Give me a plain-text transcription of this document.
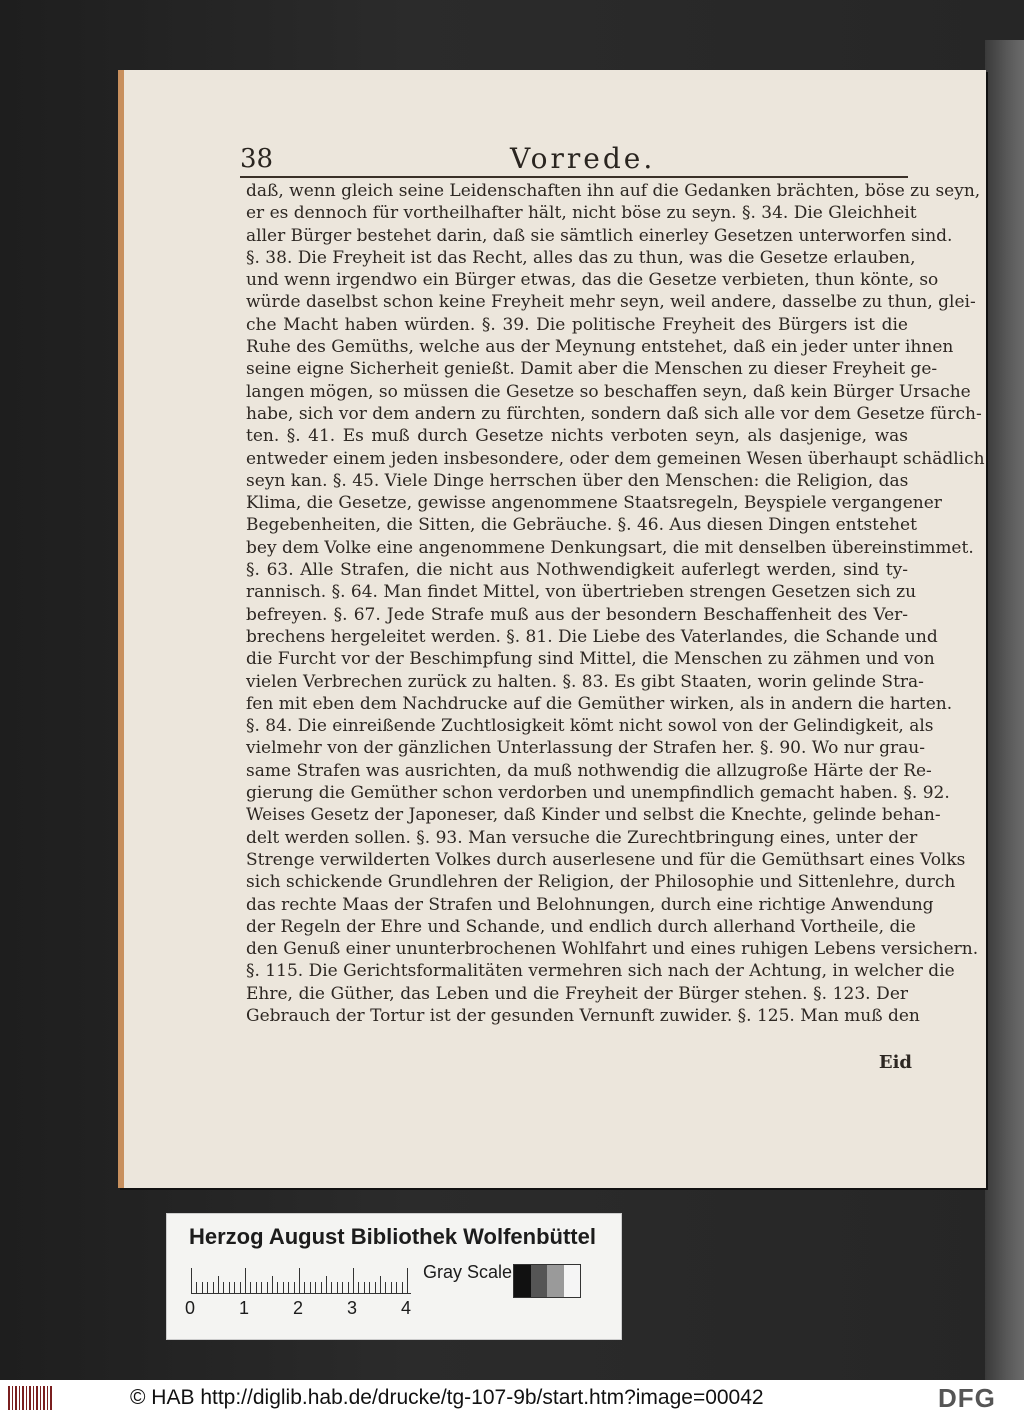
38	Vorrede.
daß, wenn gleich seine Leidenschaften ihn auf die Gedanken brächten, böse zu seyn,
er es dennoch für vortheilhafter hält, nicht böse zu seyn. §. 34. Die Gleichheit
aller Bürger bestehet darin, daß sie sämtlich einerley Gesetzen unterworfen sind.
§. 38. Die Freyheit ist das Recht, alles das zu thun, was die Gesetze erlauben,
und wenn irgendwo ein Bürger etwas, das die Gesetze verbieten, thun könte, so
würde daselbst schon keine Freyheit mehr seyn, weil andere, dasselbe zu thun, glei-
che Macht haben würden. §. 39. Die politische Freyheit des Bürgers ist die
Ruhe des Gemüths, welche aus der Meynung entstehet, daß ein jeder unter ihnen
seine eigne Sicherheit genießt. Damit aber die Menschen zu dieser Freyheit ge-
langen mögen, so müssen die Gesetze so beschaffen seyn, daß kein Bürger Ursache
habe, sich vor dem andern zu fürchten, sondern daß sich alle vor dem Gesetze fürch-
ten. §. 41. Es muß durch Gesetze nichts verboten seyn, als dasjenige, was
entweder einem jeden insbesondere, oder dem gemeinen Wesen überhaupt schädlich
seyn kan. §. 45. Viele Dinge herrschen über den Menschen: die Religion, das
Klima, die Gesetze, gewisse angenommene Staatsregeln, Beyspiele vergangener
Begebenheiten, die Sitten, die Gebräuche. §. 46. Aus diesen Dingen entstehet
bey dem Volke eine angenommene Denkungsart, die mit denselben übereinstimmet.
§. 63. Alle Strafen, die nicht aus Nothwendigkeit auferlegt werden, sind ty-
rannisch. §. 64. Man findet Mittel, von übertrieben strengen Gesetzen sich zu
befreyen. §. 67. Jede Strafe muß aus der besondern Beschaffenheit des Ver-
brechens hergeleitet werden. §. 81. Die Liebe des Vaterlandes, die Schande und
die Furcht vor der Beschimpfung sind Mittel, die Menschen zu zähmen und von
vielen Verbrechen zurück zu halten. §. 83. Es gibt Staaten, worin gelinde Stra-
fen mit eben dem Nachdrucke auf die Gemüther wirken, als in andern die harten.
§. 84. Die einreißende Zuchtlosigkeit kömt nicht sowol von der Gelindigkeit, als
vielmehr von der gänzlichen Unterlassung der Strafen her. §. 90. Wo nur grau-
same Strafen was ausrichten, da muß nothwendig die allzugroße Härte der Re-
gierung die Gemüther schon verdorben und unempfindlich gemacht haben. §. 92.
Weises Gesetz der Japoneser, daß Kinder und selbst die Knechte, gelinde behan-
delt werden sollen. §. 93. Man versuche die Zurechtbringung eines, unter der
Strenge verwilderten Volkes durch auserlesene und für die Gemüthsart eines Volks
sich schickende Grundlehren der Religion, der Philosophie und Sittenlehre, durch
das rechte Maas der Strafen und Belohnungen, durch eine richtige Anwendung
der Regeln der Ehre und Schande, und endlich durch allerhand Vortheile, die
den Genuß einer ununterbrochenen Wohlfahrt und eines ruhigen Lebens versichern.
§. 115. Die Gerichtsformalitäten vermehren sich nach der Achtung, in welcher die
Ehre, die Güther, das Leben und die Freyheit der Bürger stehen. §. 123. Der
Gebrauch der Tortur ist der gesunden Vernunft zuwider. §. 125. Man muß den
Eid
Herzog August Bibliothek Wolfenbüttel
0 1 2 3 4
Gray Scale
© HAB http://diglib.hab.de/drucke/tg-107-9b/start.htm?image=00042	DFG
